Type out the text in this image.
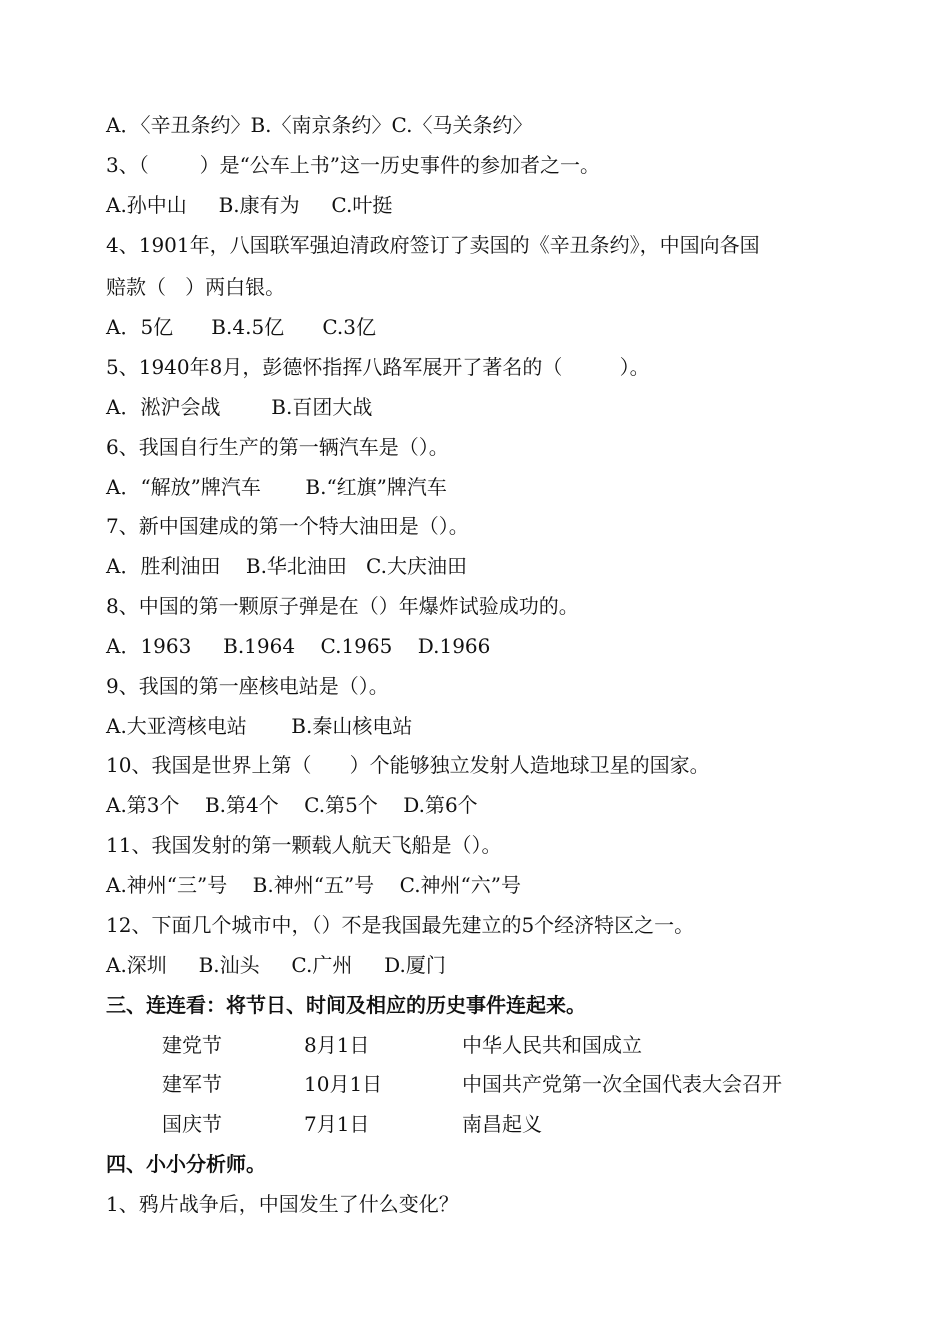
A．〈辛丑条约〉B.〈南京条约〉C.〈马关条约〉
3、（        ）是“公车上书”这一历史事件的参加者之一。
A.孙中山     B.康有为     C.叶挺
4、1901年，八国联军强迫清政府签订了卖国的《辛丑条约》，中国向各国
赔款（   ）两白银。
A．5亿      B.4.5亿      C.3亿
5、1940年8月，彭德怀指挥八路军展开了著名的（         ）。
A．淞沪会战        B.百团大战
6、我国自行生产的第一辆汽车是（）。
A．“解放”牌汽车       B.“红旗”牌汽车
7、新中国建成的第一个特大油田是（）。
A．胜利油田    B.华北油田   C.大庆油田
8、中国的第一颗原子弹是在（）年爆炸试验成功的。
A．1963     B.1964    C.1965    D.1966
9、我国的第一座核电站是（）。
A.大亚湾核电站       B.秦山核电站
10、我国是世界上第（      ）个能够独立发射人造地球卫星的国家。
A.第3个    B.第4个    C.第5个    D.第6个
11、我国发射的第一颗载人航天飞船是（）。
A.神州“三”号    B.神州“五”号    C.神州“六”号
12、下面几个城市中，（）不是我国最先建立的5个经济特区之一。
A.深圳     B.汕头     C.广州     D.厦门
三、连连看：将节日、时间及相应的历史事件连起来。
建党节	8月1日	中华人民共和国成立
建军节	10月1日	中国共产党第一次全国代表大会召开
国庆节	7月1日	南昌起义
四、小小分析师。
1、鸦片战争后，中国发生了什么变化？
